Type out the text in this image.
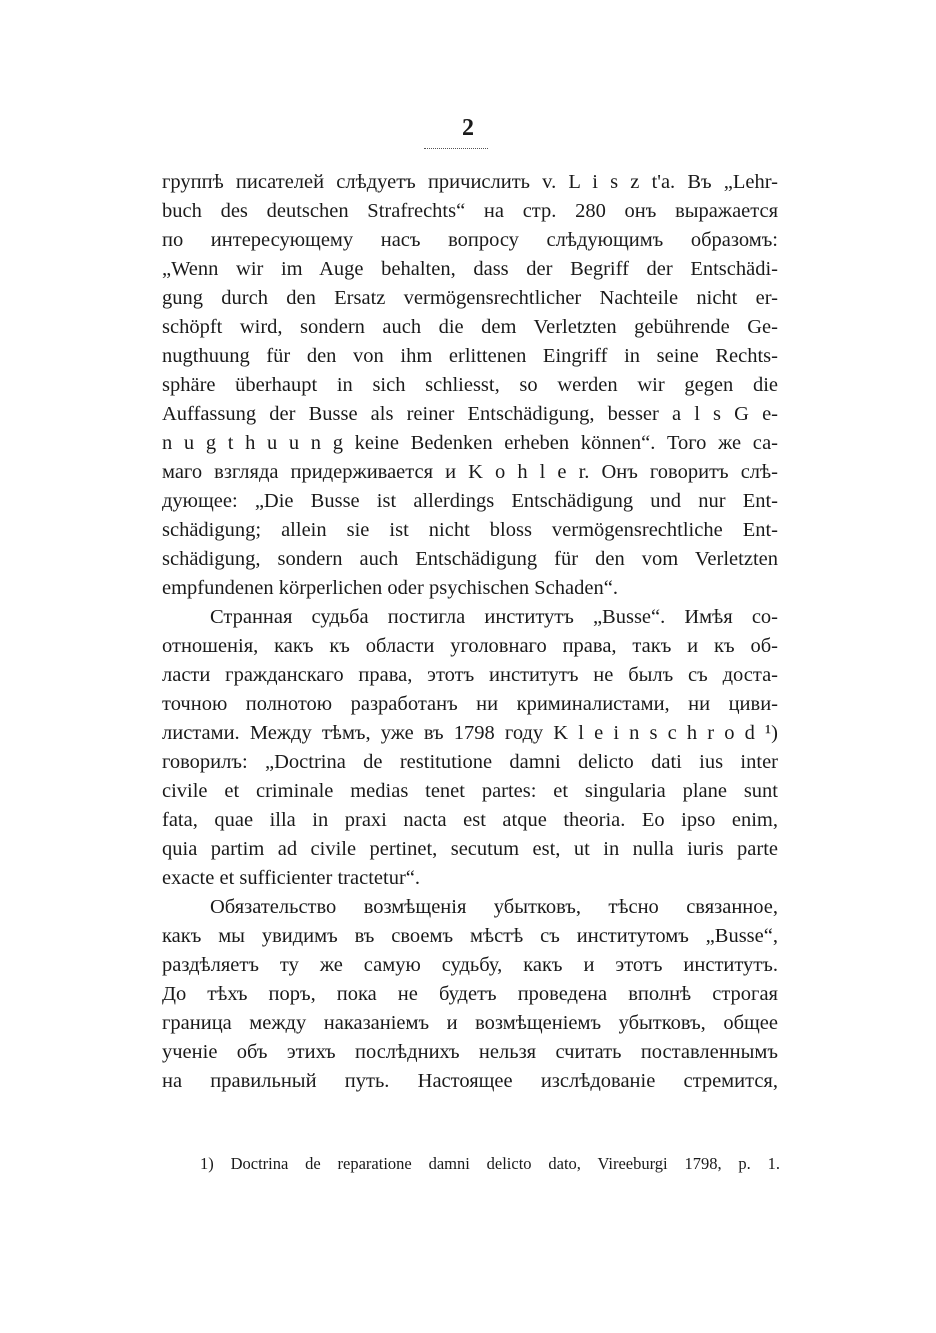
2
группѣ писателей слѣдуетъ причислить v. L i s z t'a. Въ „Lehr-
buch des deutschen Strafrechts“ на стр. 280 онъ выражается
по интересующему насъ вопросу слѣдующимъ образомъ:
„Wenn wir im Auge behalten, dass der Begriff der Entschädi-
gung durch den Ersatz vermögensrechtlicher Nachteile nicht er-
schöpft wird, sondern auch die dem Verletzten gebührende Ge-
nugthuung für den von ihm erlittenen Eingriff in seine Rechts-
sphäre überhaupt in sich schliesst, so werden wir gegen die
Auffassung der Busse als reiner Entschädigung, besser a l s G e-
n u g t h u u n g keine Bedenken erheben können“. Того же са-
маго взгляда придерживается и K o h l e r. Онъ говоритъ слѣ-
дующее: „Die Busse ist allerdings Entschädigung und nur Ent-
schädigung; allein sie ist nicht bloss vermögensrechtliche Ent-
schädigung, sondern auch Entschädigung für den vom Verletzten
empfundenen körperlichen oder psychischen Schaden“.
Странная судьба постигла институтъ „Busse“. Имѣя со-
отношенія, какъ къ области уголовнаго права, такъ и къ об-
ласти гражданскаго права, этотъ институтъ не былъ съ доста-
точною полнотою разработанъ ни криминалистами, ни циви-
листами. Между тѣмъ, уже въ 1798 году K l e i n s c h r o d ¹)
говорилъ: „Doctrina de restitutione damni delicto dati ius inter
civile et criminale medias tenet partes: et singularia plane sunt
fata, quae illa in praxi nacta est atque theoria. Eo ipso enim,
quia partim ad civile pertinet, secutum est, ut in nulla iuris parte
exacte et sufficienter tractetur“.
Обязательство возмѣщенія убытковъ, тѣсно связанное,
какъ мы увидимъ въ своемъ мѣстѣ съ институтомъ „Busse“,
раздѣляетъ ту же самую судьбу, какъ и этотъ институтъ.
До тѣхъ поръ, пока не будетъ проведена вполнѣ строгая
граница между наказаніемъ и возмѣщеніемъ убытковъ, общее
ученіе объ этихъ послѣднихъ нельзя считать поставленнымъ
на правильный путь. Настоящее изслѣдованіе стремится,
1) Doctrina de reparatione damni delicto dato, Vireeburgi 1798, p. 1.
